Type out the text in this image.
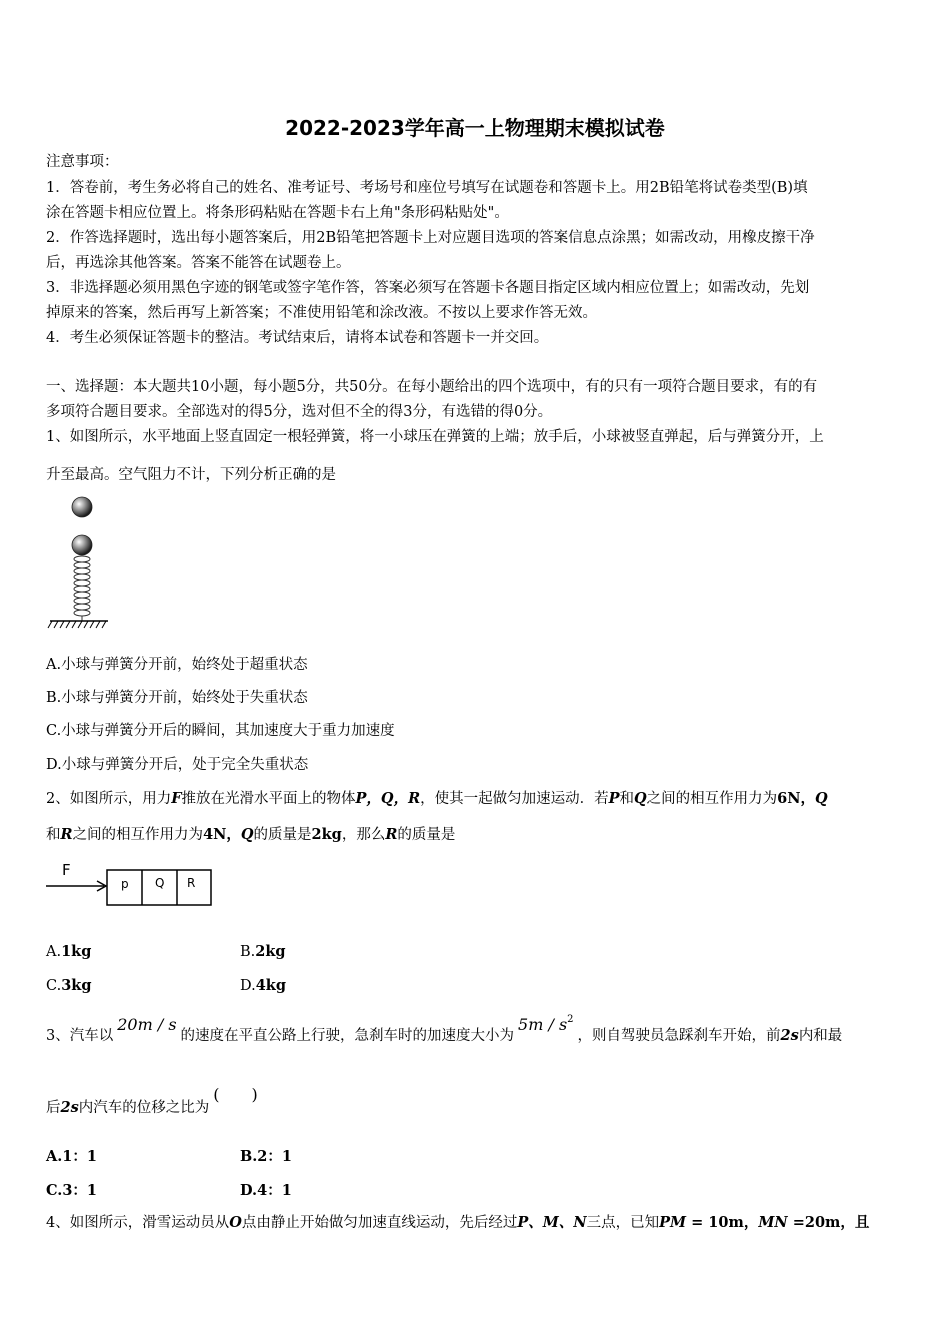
2022-2023学年高一上物理期末模拟试卷
注意事项：
1．答卷前，考生务必将自己的姓名、准考证号、考场号和座位号填写在试题卷和答题卡上。用2B铅笔将试卷类型(B)填
涂在答题卡相应位置上。将条形码粘贴在答题卡右上角"条形码粘贴处"。
2．作答选择题时，选出每小题答案后，用2B铅笔把答题卡上对应题目选项的答案信息点涂黑；如需改动，用橡皮擦干净
后，再选涂其他答案。答案不能答在试题卷上。
3．非选择题必须用黑色字迹的钢笔或签字笔作答，答案必须写在答题卡各题目指定区域内相应位置上；如需改动，先划
掉原来的答案，然后再写上新答案；不准使用铅笔和涂改液。不按以上要求作答无效。
4．考生必须保证答题卡的整洁。考试结束后，请将本试卷和答题卡一并交回。
一、选择题：本大题共10小题，每小题5分，共50分。在每小题给出的四个选项中，有的只有一项符合题目要求，有的有
多项符合题目要求。全部选对的得5分，选对但不全的得3分，有选错的得0分。
1、如图所示，水平地面上竖直固定一根轻弹簧，将一小球压在弹簧的上端；放手后，小球被竖直弹起，后与弹簧分开，上
升至最高。空气阻力不计，下列分析正确的是
A.小球与弹簧分开前，始终处于超重状态
B.小球与弹簧分开前，始终处于失重状态
C.小球与弹簧分开后的瞬间，其加速度大于重力加速度
D.小球与弹簧分开后，处于完全失重状态
2、如图所示，用力F推放在光滑水平面上的物体P，Q，R，使其一起做匀加速运动．若P和Q之间的相互作用力为6N，Q
和R之间的相互作用力为4N，Q的质量是2kg，那么R的质量是
F
p Q R
A.1kg	B.2kg
C.3kg	D.4kg
3、汽车以20m / s的速度在平直公路上行驶，急刹车时的加速度大小为$5m / s^2$，则自驾驶员急踩刹车开始，前2s内和最
后2s内汽车的位移之比为(　　)
A.1：1	B.2：1
C.3：1	D.4：1
4、如图所示，滑雪运动员从O点由静止开始做匀加速直线运动，先后经过P、M、N三点，已知PM = 10m，MN =20m，且
